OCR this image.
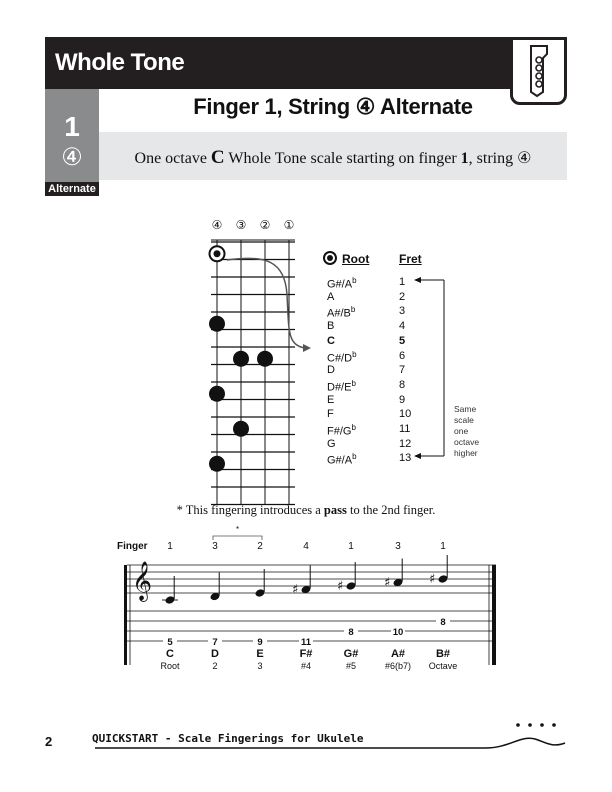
Whole Tone
1
④
Alternate
Finger 1, String ④ Alternate
One octave C Whole Tone scale starting on finger 1, string ④
④ ③ ② ①
Root Fret
$G\#/A^b$	1
A	2
$A\#/B^b$	3
B	4
C	5
$C\#/D^b$	6
D	7
$D\#/E^b$	8
E	9
F	10
$F\#/G^b$	11
G	12
$G\#/A^b$	13
Same
scale
one
octave
higher
* This fingering introduces a pass to the 2nd finger.
Finger 1	3	2	4	1	3	1
*
𝄞	♯	♯	♯	♯
5	7	9	11
8	10
8
C	D	E	F#	G#	A#	B#
Root	2	3	#4	#5	#6(b7) Octave
2	QUICKSTART - Scale Fingerings for Ukulele
